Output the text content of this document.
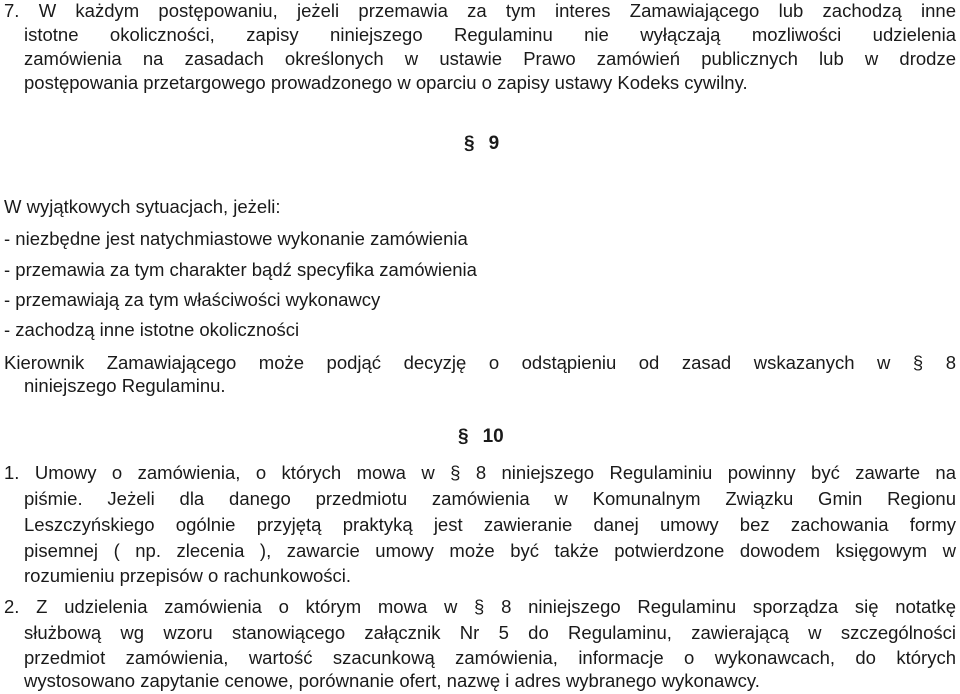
7. W każdym postępowaniu, jeżeli przemawia za tym interes Zamawiającego lub zachodzą inne
istotne okoliczności, zapisy niniejszego Regulaminu nie wyłączają mozliwości udzielenia
zamówienia na zasadach określonych w ustawie Prawo zamówień publicznych lub w drodze
postępowania przetargowego prowadzonego w oparciu o zapisy ustawy Kodeks cywilny.
§ 9
W wyjątkowych sytuacjach, jeżeli:
- niezbędne jest natychmiastowe wykonanie zamówienia
- przemawia za tym charakter bądź specyfika zamówienia
- przemawiają za tym właściwości wykonawcy
- zachodzą inne istotne okoliczności
Kierownik Zamawiającego może podjąć decyzję o odstąpieniu od zasad wskazanych w § 8
niniejszego Regulaminu.
§ 10
1. Umowy o zamówienia, o których mowa w § 8 niniejszego Regulaminiu powinny być zawarte na
piśmie. Jeżeli dla danego przedmiotu zamówienia w Komunalnym Związku Gmin Regionu
Leszczyńskiego ogólnie przyjętą praktyką jest zawieranie danej umowy bez zachowania formy
pisemnej ( np. zlecenia ), zawarcie umowy może być także potwierdzone dowodem księgowym w
rozumieniu przepisów o rachunkowości.
2. Z udzielenia zamówienia o którym mowa w § 8 niniejszego Regulaminu sporządza się notatkę
służbową wg wzoru stanowiącego załącznik Nr 5 do Regulaminu, zawierającą w szczególności
przedmiot zamówienia, wartość szacunkową zamówienia, informacje o wykonawcach, do których
wystosowano zapytanie cenowe, porównanie ofert, nazwę i adres wybranego wykonawcy.
